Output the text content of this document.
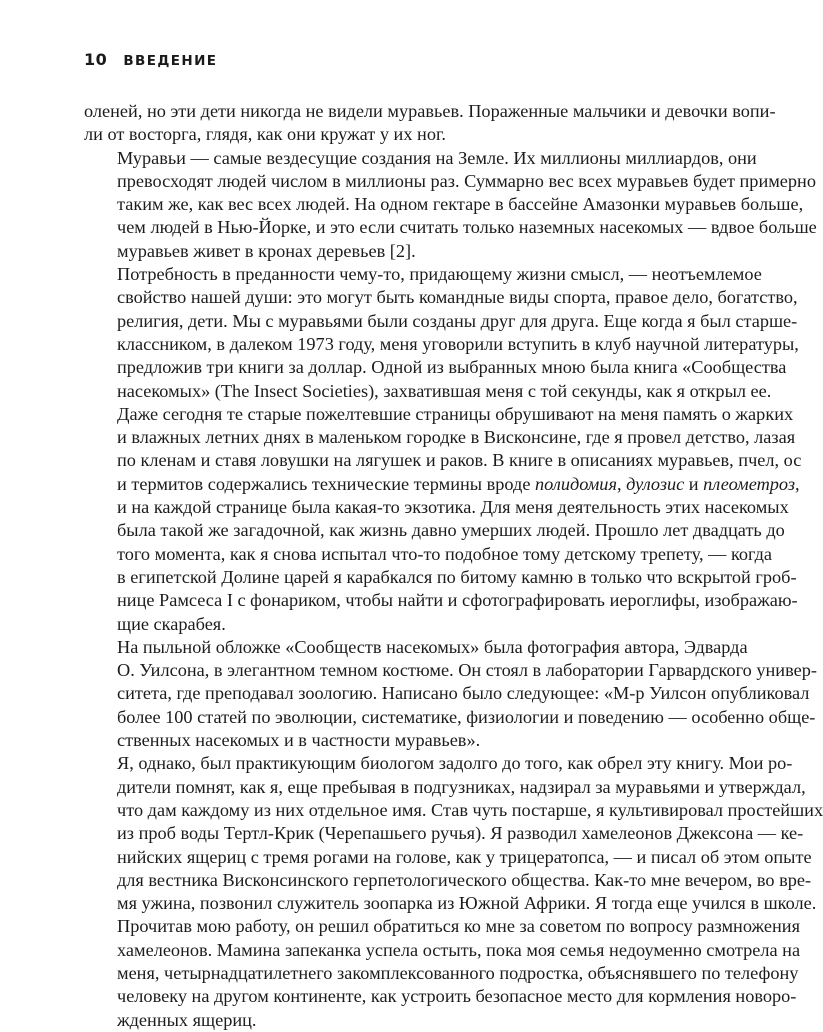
10 ВВЕДЕНИЕ

оленей, но эти дети никогда не видели муравьев. Пораженные мальчики и девочки вопи-
ли от восторга, глядя, как они кружат у их ног.

Муравьи — самые вездесущие создания на Земле. Их миллионы миллиардов, они
превосходят людей числом в миллионы раз. Суммарно вес всех муравьев будет примерно
таким же, как вес всех людей. На одном гектаре в бассейне Амазонки муравьев больше,
чем людей в Нью-Йорке, и это если считать только наземных насекомых — вдвое больше
муравьев живет в кронах деревьев [2].

Потребность в преданности чему-то, придающему жизни смысл, — неотъемлемое
свойство нашей души: это могут быть командные виды спорта, правое дело, богатство,
религия, дети. Мы с муравьями были созданы друг для друга. Еще когда я был старше-
классником, в далеком 1973 году, меня уговорили вступить в клуб научной литературы,
предложив три книги за доллар. Одной из выбранных мною была книга «Сообщества
насекомых» (The Insect Societies), захватившая меня с той секунды, как я открыл ее.
Даже сегодня те старые пожелтевшие страницы обрушивают на меня память о жарких
и влажных летних днях в маленьком городке в Висконсине, где я провел детство, лазая
по кленам и ставя ловушки на лягушек и раков. В книге в описаниях муравьев, пчел, ос
и термитов содержались технические термины вроде полидомия, дулозис и плеометроз,
и на каждой странице была какая-то экзотика. Для меня деятельность этих насекомых
была такой же загадочной, как жизнь давно умерших людей. Прошло лет двадцать до
того момента, как я снова испытал что-то подобное тому детскому трепету, — когда
в египетской Долине царей я карабкался по битому камню в только что вскрытой гроб-
нице Рамсеса I с фонариком, чтобы найти и сфотографировать иероглифы, изображаю-
щие скарабея.

На пыльной обложке «Сообществ насекомых» была фотография автора, Эдварда
О. Уилсона, в элегантном темном костюме. Он стоял в лаборатории Гарвардского универ-
ситета, где преподавал зоологию. Написано было следующее: «М-р Уилсон опубликовал
более 100 статей по эволюции, систематике, физиологии и поведению — особенно обще-
ственных насекомых и в частности муравьев».

Я, однако, был практикующим биологом задолго до того, как обрел эту книгу. Мои ро-
дители помнят, как я, еще пребывая в подгузниках, надзирал за муравьями и утверждал,
что дам каждому из них отдельное имя. Став чуть постарше, я культивировал простейших
из проб воды Тертл-Крик (Черепашьего ручья). Я разводил хамелеонов Джексона — ке-
нийских ящериц с тремя рогами на голове, как у трицератопса, — и писал об этом опыте
для вестника Висконсинского герпетологического общества. Как-то мне вечером, во вре-
мя ужина, позвонил служитель зоопарка из Южной Африки. Я тогда еще учился в школе.
Прочитав мою работу, он решил обратиться ко мне за советом по вопросу размножения
хамелеонов. Мамина запеканка успела остыть, пока моя семья недоуменно смотрела на
меня, четырнадцатилетнего закомплексованного подростка, объяснявшего по телефону
человеку на другом континенте, как устроить безопасное место для кормления новоро-
жденных ящериц.
